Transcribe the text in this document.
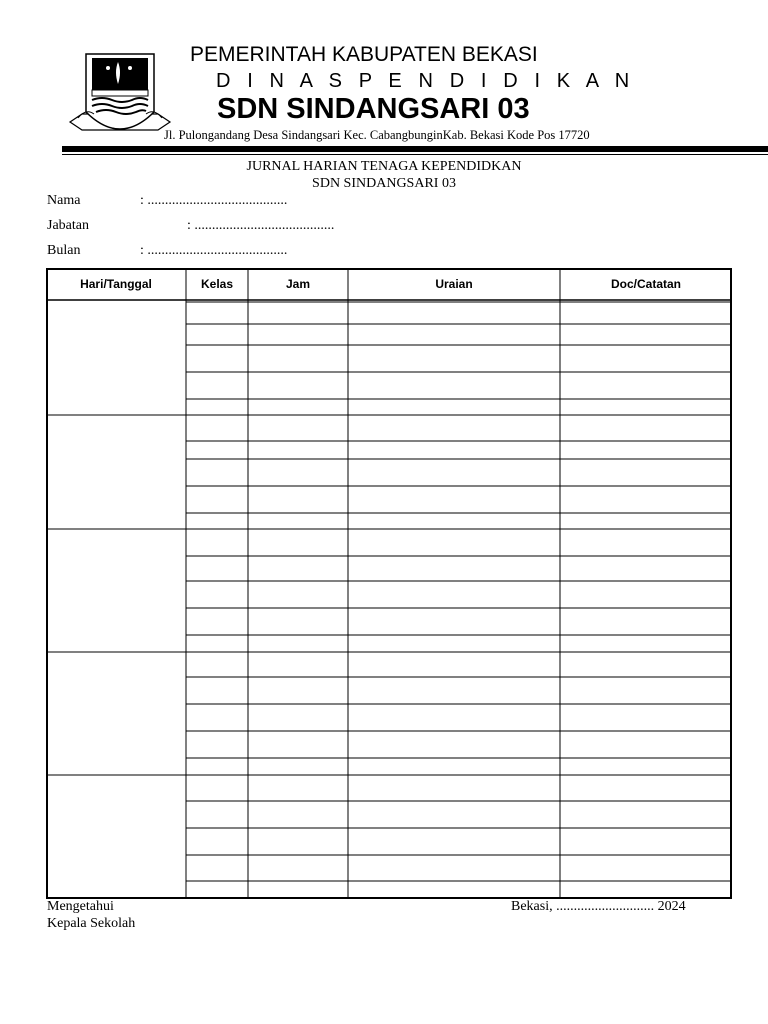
PEMERINTAH KABUPATEN BEKASI
D I N A S P E N D I D I K A N
SDN SINDANGSARI 03
Jl. Pulongandang Desa Sindangsari Kec. CabangbunginKab. Bekasi Kode Pos 17720
JURNAL HARIAN TENAGA KEPENDIDKAN
SDN SINDANGSARI 03
Nama	: ........................................
Jabatan	: ........................................
Bulan	: ........................................
Hari/Tanggal	Kelas	Jam	Uraian	Doc/Catatan
Mengetahui
Kepala Sekolah
Bekasi, ............................ 2024
